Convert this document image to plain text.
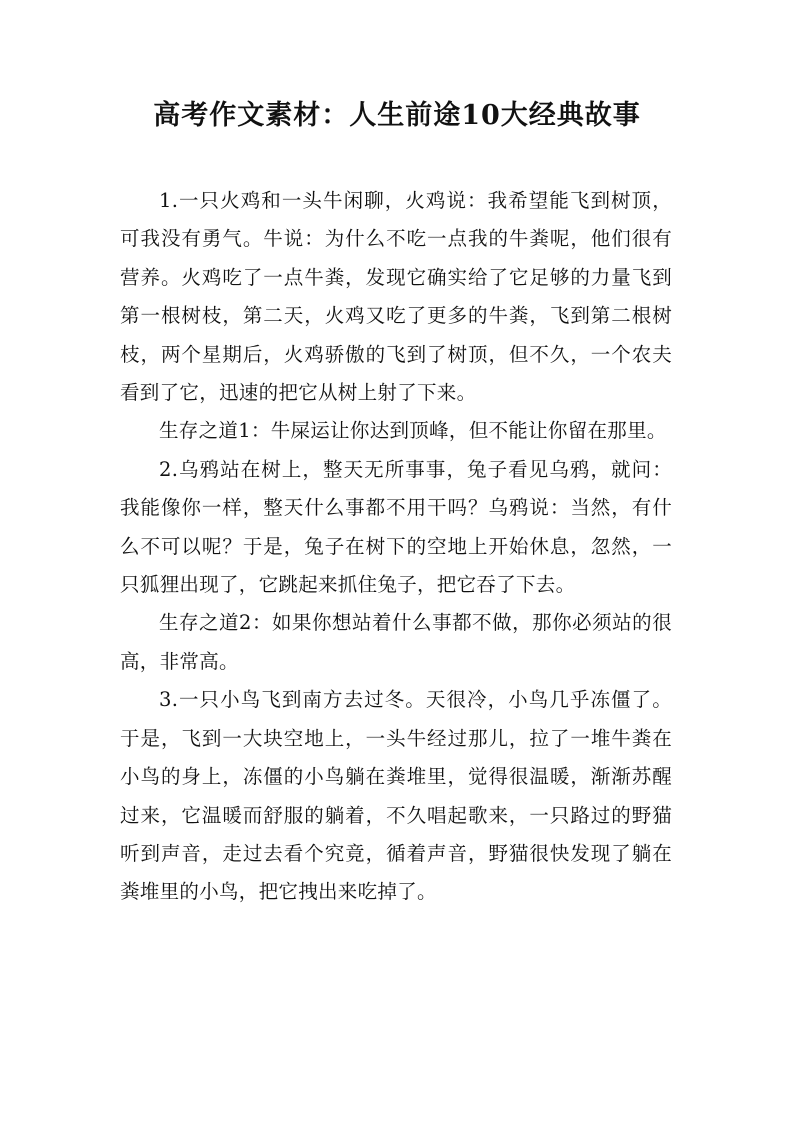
高考作文素材：人生前途10大经典故事

1.一只火鸡和一头牛闲聊，火鸡说：我希望能飞到树顶，可我没有勇气。牛说：为什么不吃一点我的牛粪呢，他们很有营养。火鸡吃了一点牛粪，发现它确实给了它足够的力量飞到第一根树枝，第二天，火鸡又吃了更多的牛粪，飞到第二根树枝，两个星期后，火鸡骄傲的飞到了树顶，但不久，一个农夫看到了它，迅速的把它从树上射了下来。

生存之道1：牛屎运让你达到顶峰，但不能让你留在那里。

2.乌鸦站在树上，整天无所事事，兔子看见乌鸦，就问：我能像你一样，整天什么事都不用干吗？乌鸦说：当然，有什么不可以呢？于是，兔子在树下的空地上开始休息，忽然，一只狐狸出现了，它跳起来抓住兔子，把它吞了下去。

生存之道2：如果你想站着什么事都不做，那你必须站的很高，非常高。

3.一只小鸟飞到南方去过冬。天很冷，小鸟几乎冻僵了。于是，飞到一大块空地上，一头牛经过那儿，拉了一堆牛粪在小鸟的身上，冻僵的小鸟躺在粪堆里，觉得很温暖，渐渐苏醒过来，它温暖而舒服的躺着，不久唱起歌来，一只路过的野猫听到声音，走过去看个究竟，循着声音，野猫很快发现了躺在粪堆里的小鸟，把它拽出来吃掉了。
